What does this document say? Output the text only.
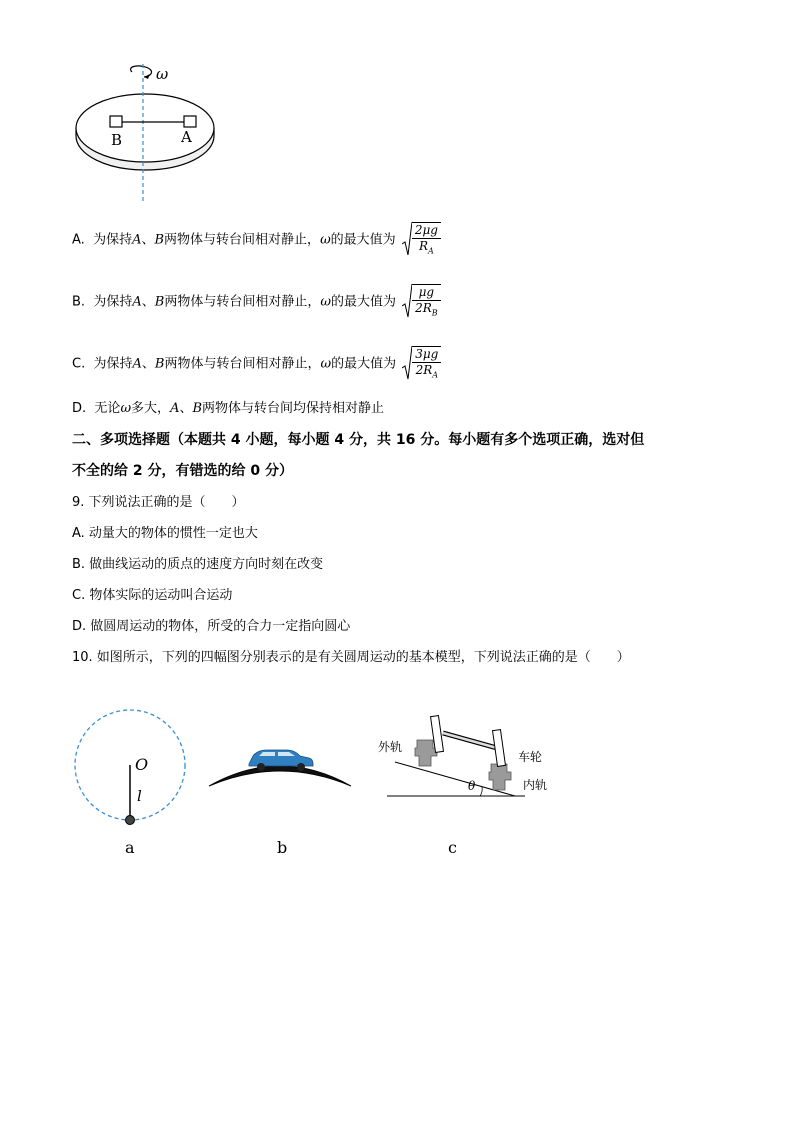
ω
B	A
A. 为保持A、B两物体与转台间相对静止，ω的最大值为 $\frac{2\mu g}{R_A}$
B. 为保持A、B两物体与转台间相对静止，ω的最大值为 $\frac{\mu g}{2R_B}$
C. 为保持A、B两物体与转台间相对静止，ω的最大值为 $\frac{3\mu g}{2R_A}$
D. 无论ω多大，A、B两物体与转台间均保持相对静止
二、多项选择题（本题共 4 小题，每小题 4 分，共 16 分。每小题有多个选项正确，选对但
不全的给 2 分，有错选的给 0 分）
9. 下列说法正确的是（　　）
A. 动量大的物体的惯性一定也大
B. 做曲线运动的质点的速度方向时刻在改变
C. 物体实际的运动叫合运动
D. 做圆周运动的物体，所受的合力一定指向圆心
10. 如图所示，下列的四幅图分别表示的是有关圆周运动的基本模型，下列说法正确的是（　　）
O
l
a	b
外轨
车轮
内轨
θ
c
